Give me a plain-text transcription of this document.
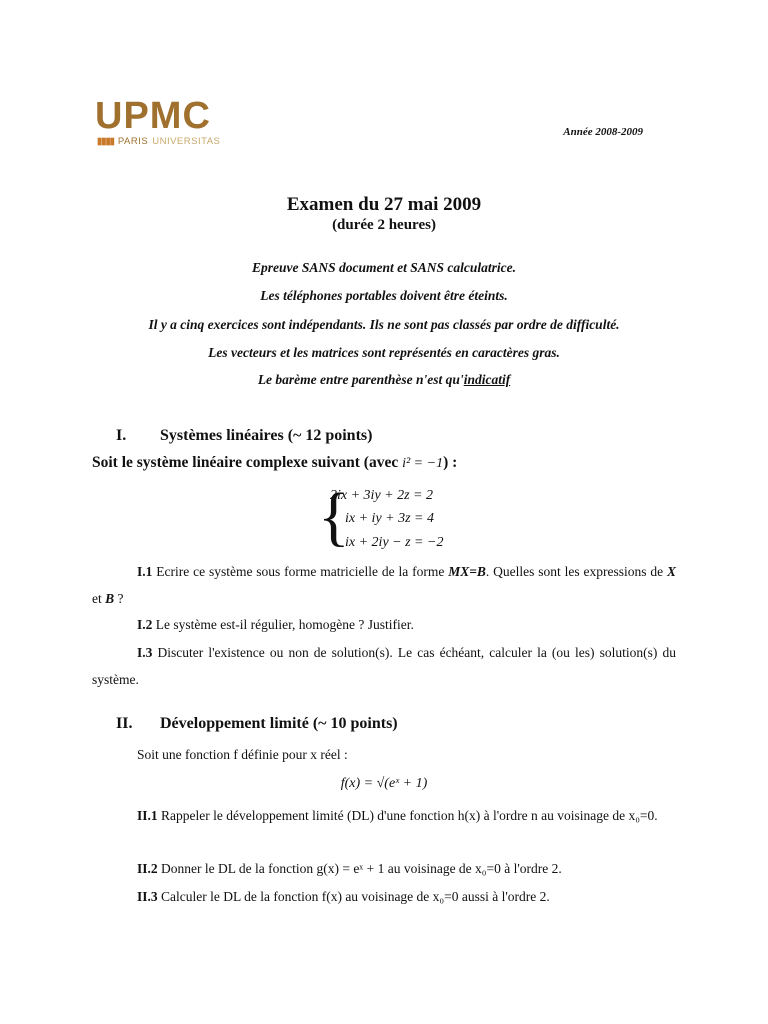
UPMC
▮▮▮▮ PARIS UNIVERSITAS
Année 2008-2009
Examen du 27 mai 2009
(durée 2 heures)
Epreuve SANS document et SANS calculatrice.
Les téléphones portables doivent être éteints.
Il y a cinq exercices sont indépendants. Ils ne sont pas classés par ordre de difficulté.
Les vecteurs et les matrices sont représentés en caractères gras.
Le barème entre parenthèse n'est qu'indicatif
I. Systèmes linéaires (~ 12 points)
Soit le système linéaire complexe suivant (avec i² = −1) :
{
2ix + 3iy + 2z = 2
ix + iy + 3z = 4
ix + 2iy − z = −2
I.1 Ecrire ce système sous forme matricielle de la forme MX=B. Quelles sont les expressions de X et B ?
I.2 Le système est-il régulier, homogène ? Justifier.
I.3 Discuter l'existence ou non de solution(s). Le cas échéant, calculer la (ou les) solution(s) du système.
II. Développement limité (~ 10 points)
Soit une fonction f définie pour x réel :
f(x) = √(eˣ + 1)
II.1 Rappeler le développement limité (DL) d'une fonction h(x) à l'ordre n au voisinage de x₀=0.
II.2 Donner le DL de la fonction g(x) = eˣ + 1 au voisinage de x₀=0 à l'ordre 2.
II.3 Calculer le DL de la fonction f(x) au voisinage de x₀=0 aussi à l'ordre 2.
